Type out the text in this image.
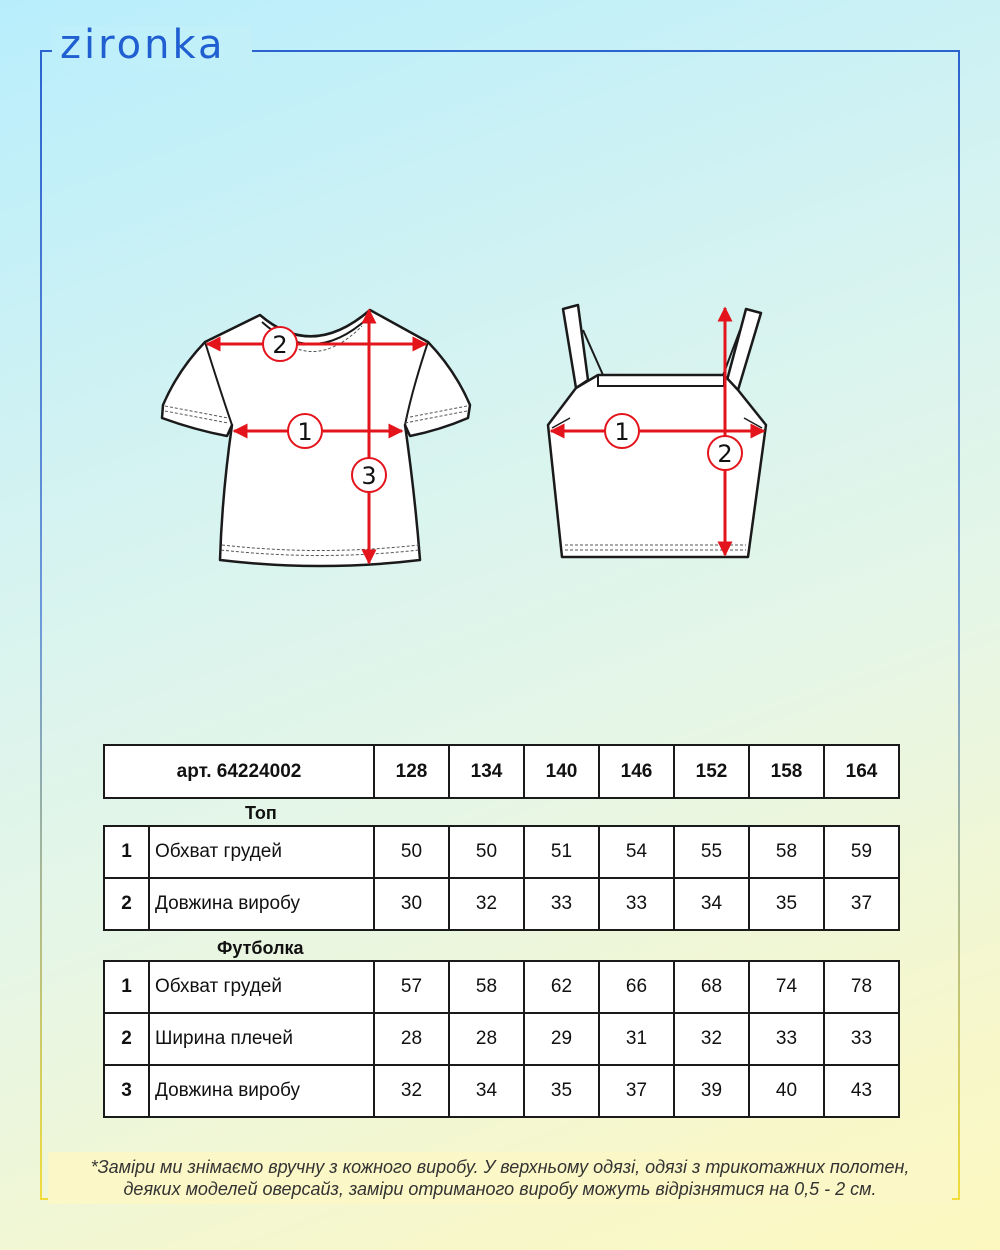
zironka
2
1
3
1
2
арт. 64224002	128	134	140	146	152	158	164
Топ
1	Обхват грудей	50	50	51	54	55	58	59
2	Довжина виробу	30	32	33	33	34	35	37
Футболка
1	Обхват грудей	57	58	62	66	68	74	78
2	Ширина плечей	28	28	29	31	32	33	33
3	Довжина виробу	32	34	35	37	39	40	43
*Заміри ми знімаємо вручну з кожного виробу. У верхньому одязі, одязі з трикотажних полотен,
деяких моделей оверсайз, заміри отриманого виробу можуть відрізнятися на 0,5 - 2 см.
